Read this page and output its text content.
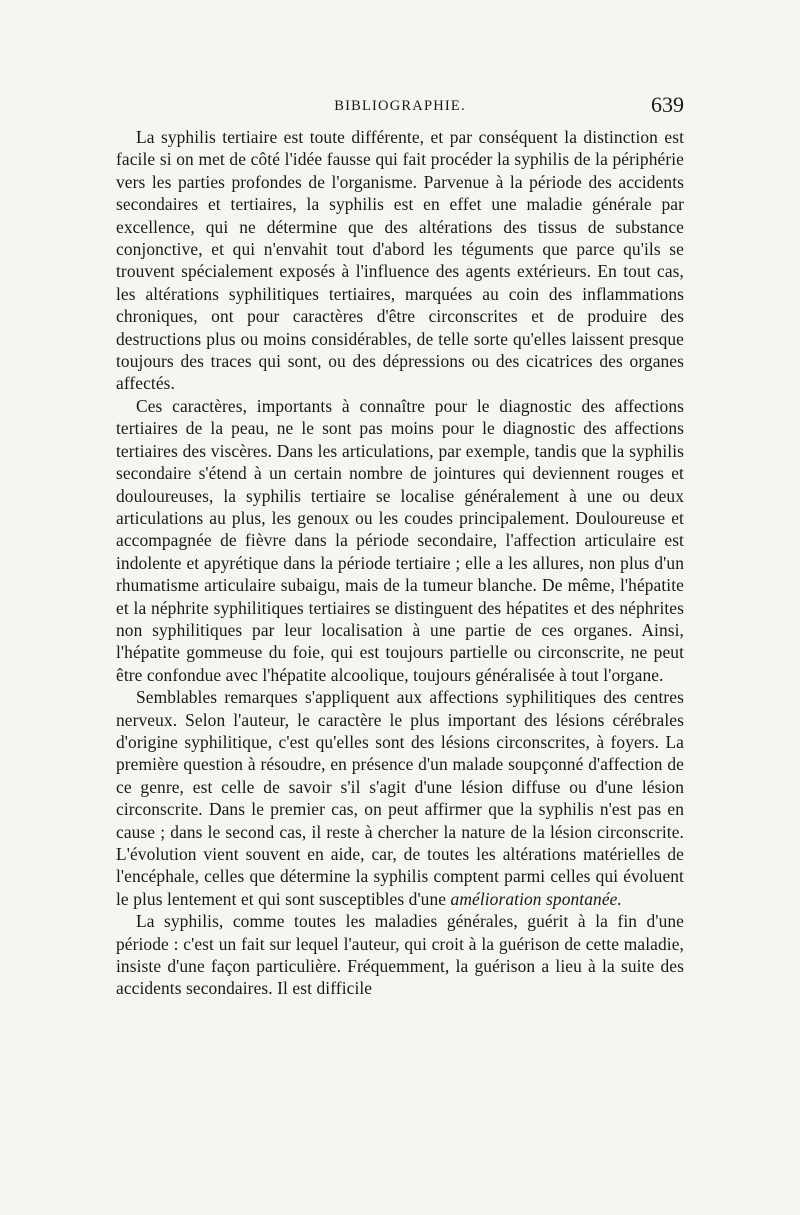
BIBLIOGRAPHIE.	639

La syphilis tertiaire est toute différente, et par conséquent la distinction est facile si on met de côté l'idée fausse qui fait procéder la syphilis de la périphérie vers les parties profondes de l'organisme. Parvenue à la période des accidents secondaires et tertiaires, la syphilis est en effet une maladie générale par excellence, qui ne détermine que des altérations des tissus de substance conjonctive, et qui n'envahit tout d'abord les téguments que parce qu'ils se trouvent spécialement exposés à l'influence des agents extérieurs. En tout cas, les altérations syphilitiques tertiaires, marquées au coin des inflammations chroniques, ont pour caractères d'être circonscrites et de produire des destructions plus ou moins considérables, de telle sorte qu'elles laissent presque toujours des traces qui sont, ou des dépressions ou des cicatrices des organes affectés.

Ces caractères, importants à connaître pour le diagnostic des affections tertiaires de la peau, ne le sont pas moins pour le diagnostic des affections tertiaires des viscères. Dans les articulations, par exemple, tandis que la syphilis secondaire s'étend à un certain nombre de jointures qui deviennent rouges et douloureuses, la syphilis tertiaire se localise généralement à une ou deux articulations au plus, les genoux ou les coudes principalement. Douloureuse et accompagnée de fièvre dans la période secondaire, l'affection articulaire est indolente et apyrétique dans la période tertiaire ; elle a les allures, non plus d'un rhumatisme articulaire subaigu, mais de la tumeur blanche. De même, l'hépatite et la néphrite syphilitiques tertiaires se distinguent des hépatites et des néphrites non syphilitiques par leur localisation à une partie de ces organes. Ainsi, l'hépatite gommeuse du foie, qui est toujours partielle ou circonscrite, ne peut être confondue avec l'hépatite alcoolique, toujours généralisée à tout l'organe.

Semblables remarques s'appliquent aux affections syphilitiques des centres nerveux. Selon l'auteur, le caractère le plus important des lésions cérébrales d'origine syphilitique, c'est qu'elles sont des lésions circonscrites, à foyers. La première question à résoudre, en présence d'un malade soupçonné d'affection de ce genre, est celle de savoir s'il s'agit d'une lésion diffuse ou d'une lésion circonscrite. Dans le premier cas, on peut affirmer que la syphilis n'est pas en cause ; dans le second cas, il reste à chercher la nature de la lésion circonscrite. L'évolution vient souvent en aide, car, de toutes les altérations matérielles de l'encéphale, celles que détermine la syphilis comptent parmi celles qui évoluent le plus lentement et qui sont susceptibles d'une amélioration spontanée.

La syphilis, comme toutes les maladies générales, guérit à la fin d'une période : c'est un fait sur lequel l'auteur, qui croit à la guérison de cette maladie, insiste d'une façon particulière. Fréquemment, la guérison a lieu à la suite des accidents secondaires. Il est difficile
